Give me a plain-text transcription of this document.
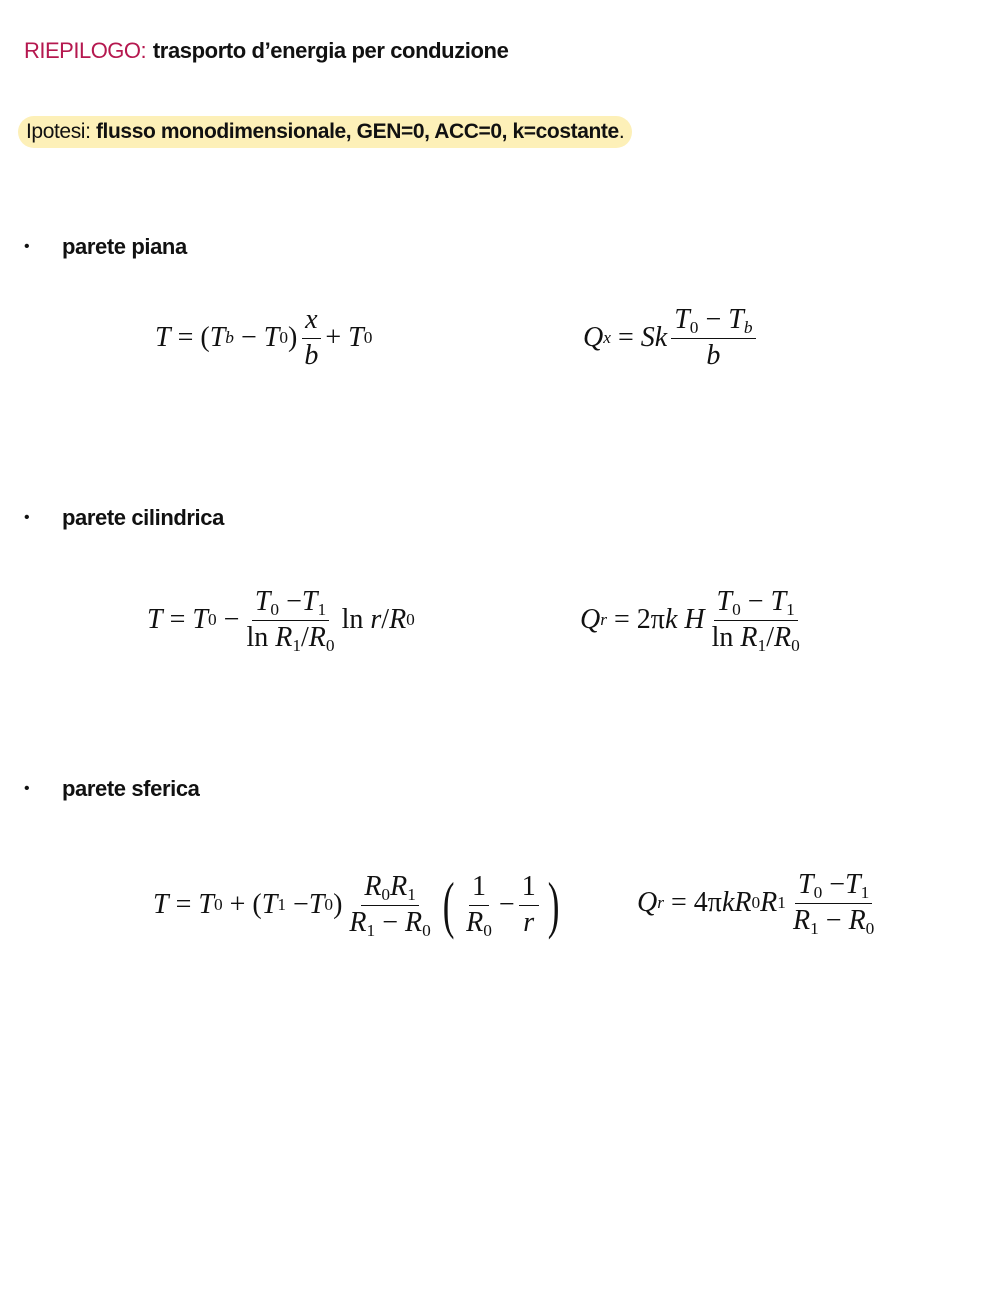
RIEPILOGO: trasporto d’energia per conduzione
Ipotesi: flusso monodimensionale, GEN=0, ACC=0, k=costante.
• parete piana
T = ( T b − T 0 ) $\frac{x}{b} + T$ 0	Q x = Sk $\frac{T_0 - T_b}{b}$
• parete cilindrica
T = T $0 - \frac{T_0 -T_1}{\ln R_1/R_0}$ ln r / R 0	Q r = 2π k
H $\frac{T_0 - T_1}{\ln R_1/R_0}$
• parete sferica
T = T 0 + ( T 1 − T 0 ) $\frac{R_0R_1}{R_1 - R_0}$ ( $\frac{1}{R_0} - \frac{1}{r}$ )	Q r = 4π k R 0 R $1 \frac{T_0 -T_1}{R_1 - R_0}$
